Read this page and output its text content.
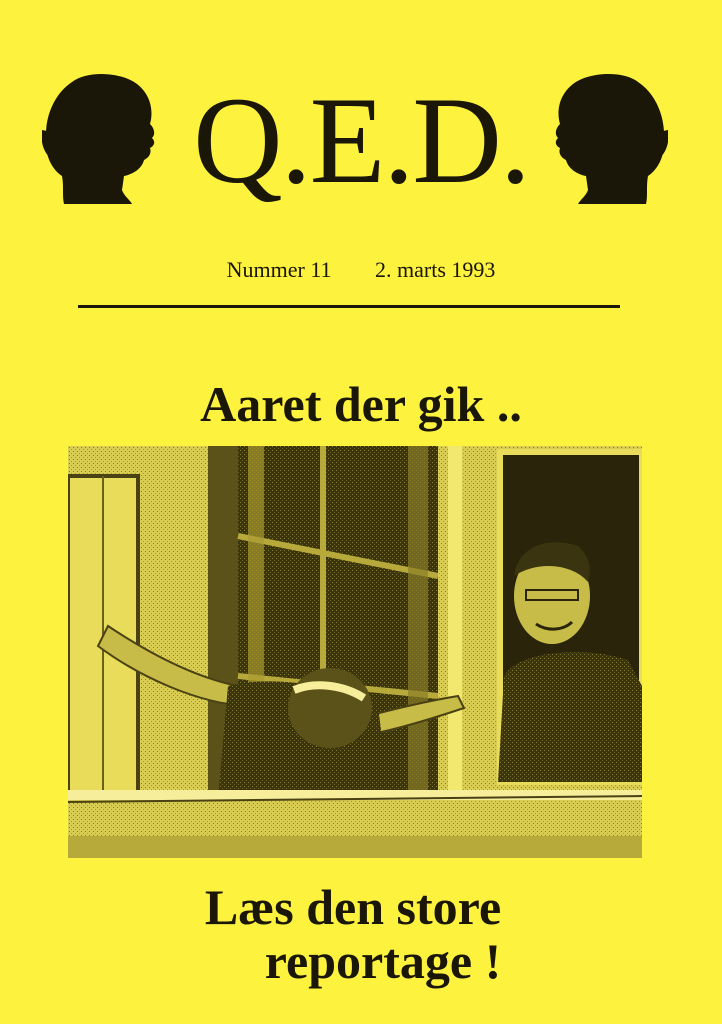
Q.E.D.
Nummer 11 2. marts 1993
Aaret der gik ..
Læs den store
reportage !
